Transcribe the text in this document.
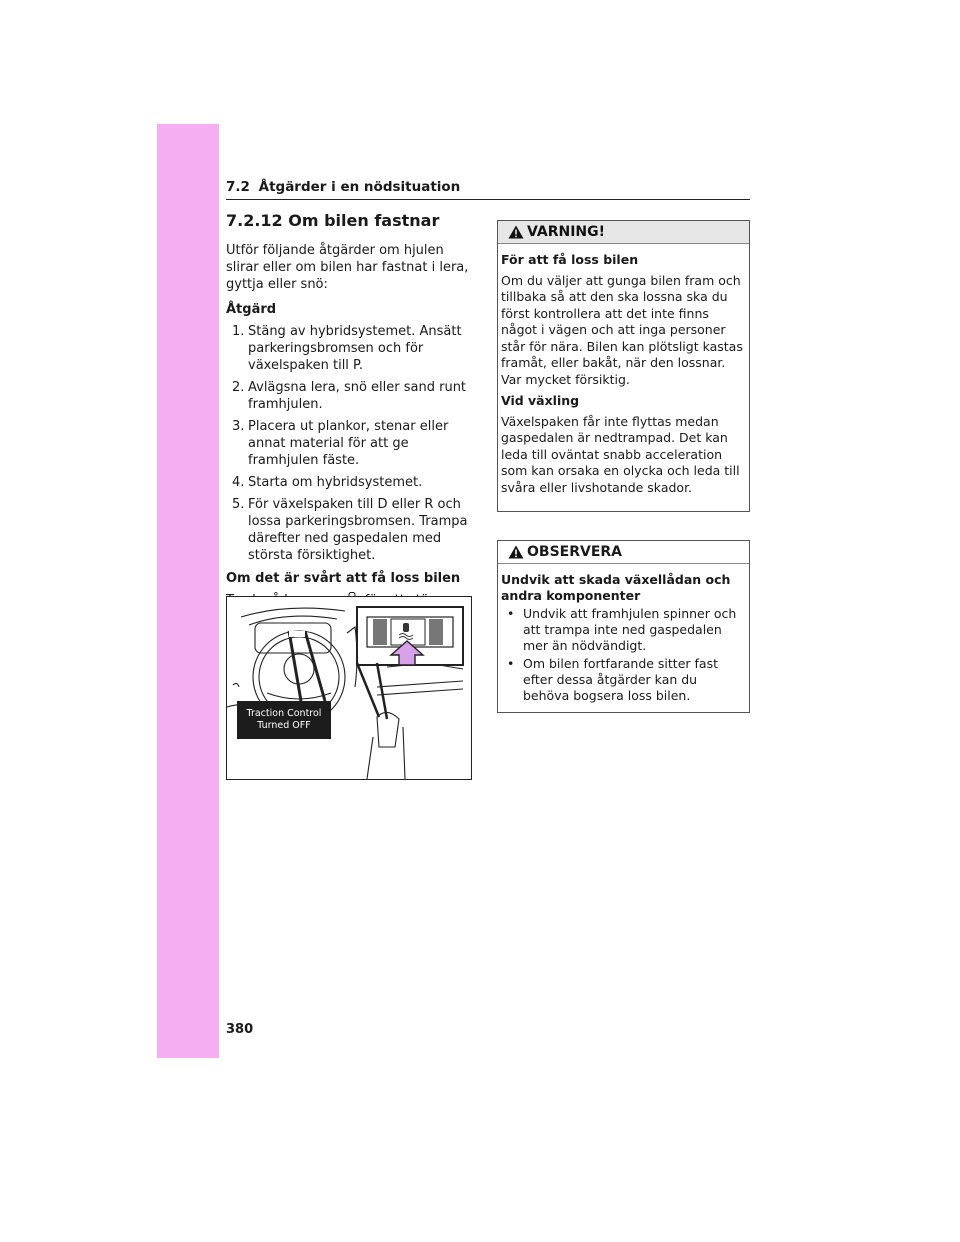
7.2 Åtgärder i en nödsituation
7.2.12 Om bilen fastnar

Utför följande åtgärder om hjulen slirar eller om bilen har fastnat i lera, gyttja eller snö:

Åtgärd
1. Stäng av hybridsystemet. Ansätt parkeringsbromsen och för växelspaken till P.
2. Avlägsna lera, snö eller sand runt framhjulen.
3. Placera ut plankor, stenar eller annat material för att ge framhjulen fäste.
4. Starta om hybridsystemet.
5. För växelspaken till D eller R och lossa parkeringsbromsen. Trampa därefter ned gaspedalen med största försiktighet.
Om det är svårt att få loss bilen

Traction Control
Turned OFF
VARNING!
För att få loss bilen

Om du väljer att gunga bilen fram och tillbaka så att den ska lossna ska du först kontrollera att det inte finns något i vägen och att inga personer står för nära. Bilen kan plötsligt kastas framåt, eller bakåt, när den lossnar. Var mycket försiktig.

Vid växling

Växelspaken får inte flyttas medan gaspedalen är nedtrampad. Det kan leda till oväntat snabb acceleration som kan orsaka en olycka och leda till svåra eller livshotande skador.

OBSERVERA
Undvik att skada växellådan och andra komponenter
• Undvik att framhjulen spinner och att trampa inte ned gaspedalen mer än nödvändigt.
• Om bilen fortfarande sitter fast efter dessa åtgärder kan du behöva bogsera loss bilen.
380
